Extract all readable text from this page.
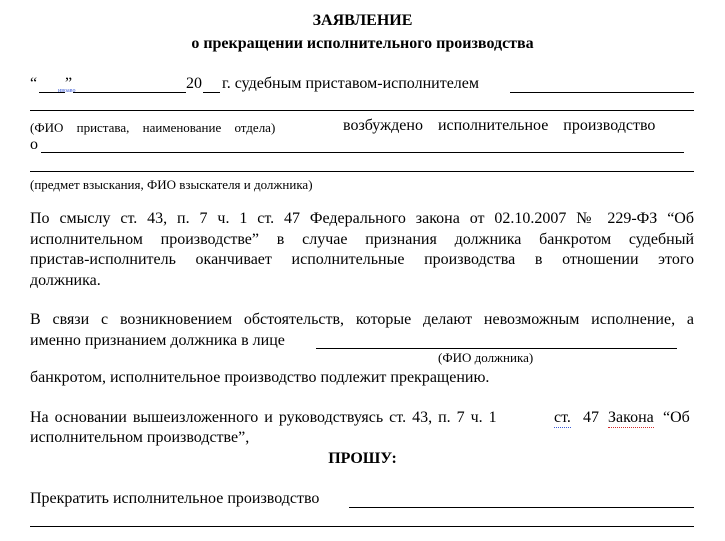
ЗАЯВЛЕНИЕ
о прекращении исполнительного производства
“ ”
ивоаво	20 г. судебным приставом-исполнителем
(ФИО пристава, наименование отдела)	возбуждено исполнительное производство
о
(предмет взыскания, ФИО взыскателя и должника)
По смыслу ст. 43, п. 7 ч. 1 ст. 47 Федерального закона от 02.10.2007 № 229-ФЗ “Об
исполнительном производстве” в случае признания должника банкротом судебный
пристав-исполнитель оканчивает исполнительные производства в отношении этого
должника.
В связи с возникновением обстоятельств, которые делают невозможным исполнение, а
именно признанием должника в лице
(ФИО должника)
банкротом, исполнительное производство подлежит прекращению.
На основании вышеизложенного и руководствуясь ст. 43, п. 7 ч. 1	ст. 47 Закона “Об
исполнительном производстве”,
ПРОШУ:
Прекратить исполнительное производство
